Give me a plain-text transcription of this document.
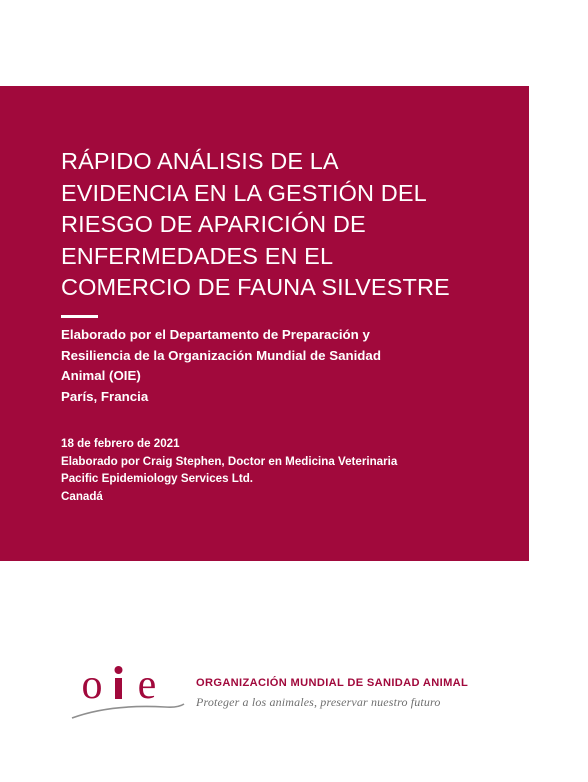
RÁPIDO ANÁLISIS DE LA
EVIDENCIA EN LA GESTIÓN DEL
RIESGO DE APARICIÓN DE
ENFERMEDADES EN EL
COMERCIO DE FAUNA SILVESTRE
Elaborado por el Departamento de Preparación y
Resiliencia de la Organización Mundial de Sanidad
Animal (OIE)
París, Francia
18 de febrero de 2021
Elaborado por Craig Stephen, Doctor en Medicina Veterinaria
Pacific Epidemiology Services Ltd.
Canadá
o e	ORGANIZACIÓN MUNDIAL DE SANIDAD ANIMAL
Proteger a los animales, preservar nuestro futuro
